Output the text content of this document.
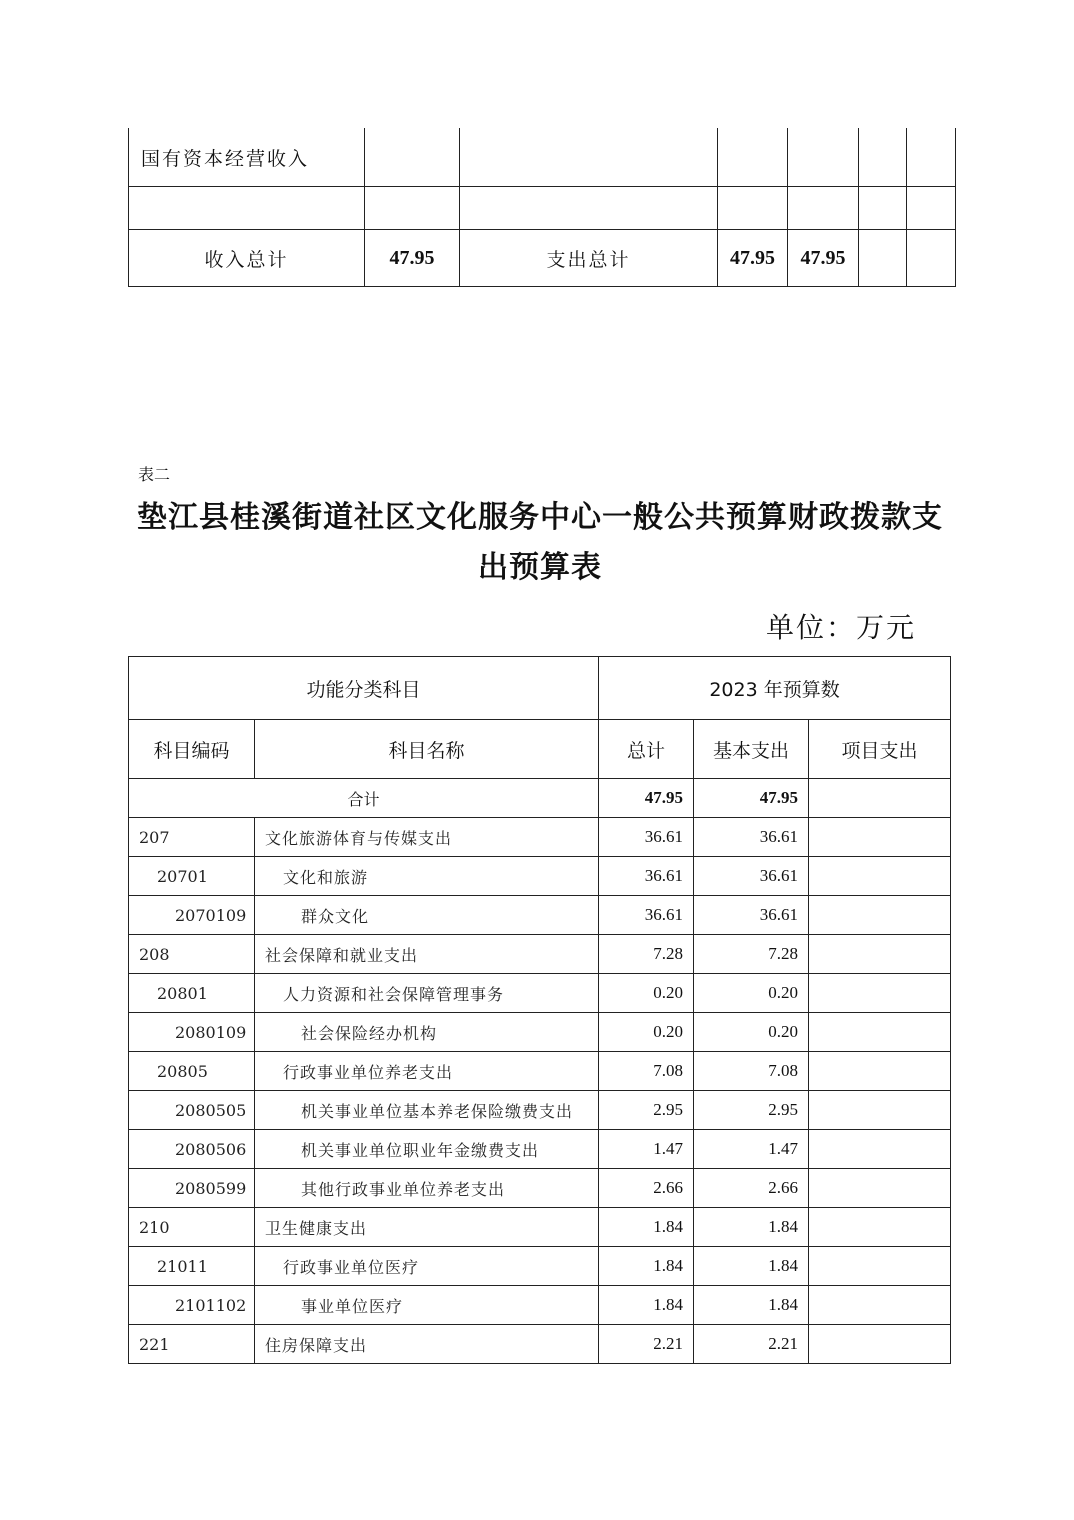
国有资本经营收入						

收入总计	47.95	支出总计	47.95	47.95		
表二
垫江县桂溪街道社区文化服务中心一般公共预算财政拨款支
出预算表
单位：万元
功能分类科目		2023 年预算数		
科目编码	科目名称	总计	基本支出	项目支出
合计		47.95	47.95	
207	文化旅游体育与传媒支出	36.61	36.61	
20701	文化和旅游	36.61	36.61	
2070109	群众文化	36.61	36.61	
208	社会保障和就业支出	7.28	7.28	
20801	人力资源和社会保障管理事务	0.20	0.20	
2080109	社会保险经办机构	0.20	0.20	
20805	行政事业单位养老支出	7.08	7.08	
2080505	机关事业单位基本养老保险缴费支出	2.95	2.95	
2080506	机关事业单位职业年金缴费支出	1.47	1.47	
2080599	其他行政事业单位养老支出	2.66	2.66	
210	卫生健康支出	1.84	1.84	
21011	行政事业单位医疗	1.84	1.84	
2101102	事业单位医疗	1.84	1.84	
221	住房保障支出	2.21	2.21	
